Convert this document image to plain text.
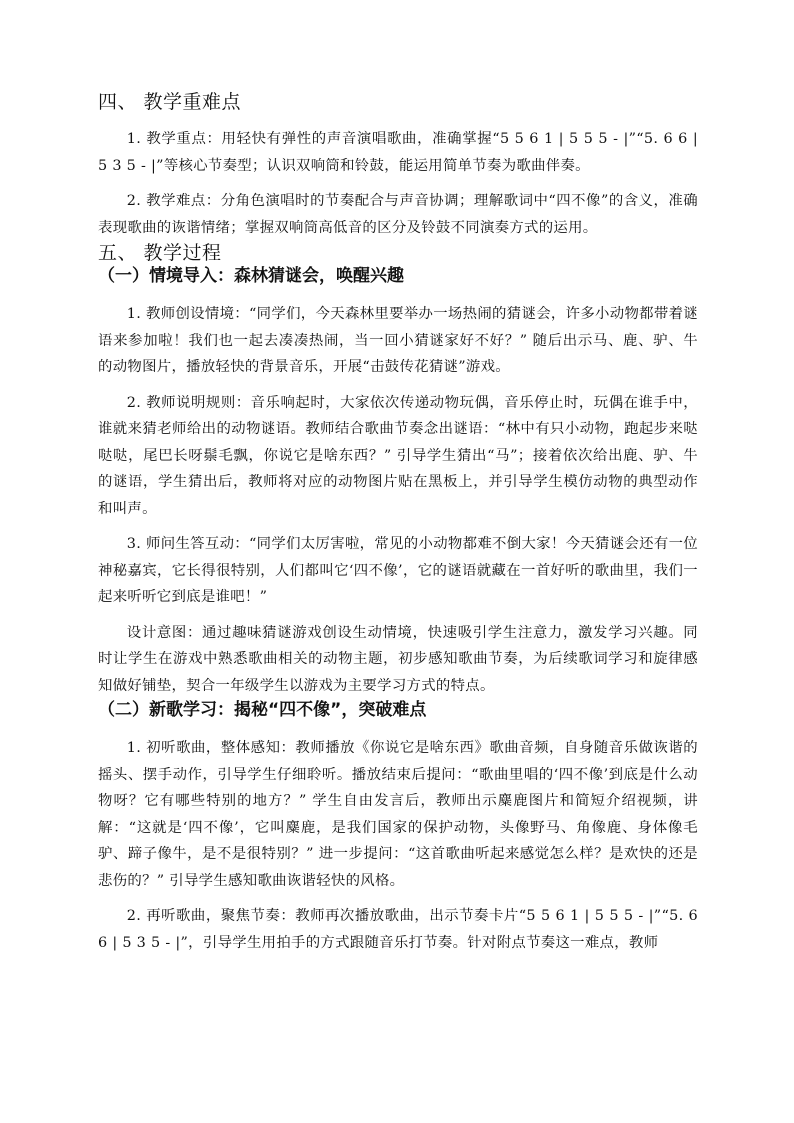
四、 教学重难点

1. 教学重点：用轻快有弹性的声音演唱歌曲，准确掌握“5 5 6 1 | 5 5 5 - |”“5. 6 6 | 5 3 5 - |”等核心节奏型；认识双响筒和铃鼓，能运用简单节奏为歌曲伴奏。

2. 教学难点：分角色演唱时的节奏配合与声音协调；理解歌词中“四不像”的含义，准确表现歌曲的诙谐情绪；掌握双响筒高低音的区分及铃鼓不同演奏方式的运用。

五、 教学过程
（一）情境导入：森林猜谜会，唤醒兴趣

1. 教师创设情境：“同学们，今天森林里要举办一场热闹的猜谜会，许多小动物都带着谜语来参加啦！我们也一起去凑凑热闹，当一回小猜谜家好不好？” 随后出示马、鹿、驴、牛的动物图片，播放轻快的背景音乐，开展“击鼓传花猜谜”游戏。

2. 教师说明规则：音乐响起时，大家依次传递动物玩偶，音乐停止时，玩偶在谁手中，谁就来猜老师给出的动物谜语。教师结合歌曲节奏念出谜语：“林中有只小动物，跑起步来哒哒哒，尾巴长呀鬃毛飘，你说它是啥东西？” 引导学生猜出“马”；接着依次给出鹿、驴、牛的谜语，学生猜出后，教师将对应的动物图片贴在黑板上，并引导学生模仿动物的典型动作和叫声。

3. 师问生答互动：“同学们太厉害啦，常见的小动物都难不倒大家！今天猜谜会还有一位神秘嘉宾，它长得很特别，人们都叫它‘四不像’，它的谜语就藏在一首好听的歌曲里，我们一起来听听它到底是谁吧！”

设计意图：通过趣味猜谜游戏创设生动情境，快速吸引学生注意力，激发学习兴趣。同时让学生在游戏中熟悉歌曲相关的动物主题，初步感知歌曲节奏，为后续歌词学习和旋律感知做好铺垫，契合一年级学生以游戏为主要学习方式的特点。

（二）新歌学习：揭秘“四不像”，突破难点

1. 初听歌曲，整体感知：教师播放《你说它是啥东西》歌曲音频，自身随音乐做诙谐的摇头、摆手动作，引导学生仔细聆听。播放结束后提问：“歌曲里唱的‘四不像’到底是什么动物呀？它有哪些特别的地方？” 学生自由发言后，教师出示麋鹿图片和简短介绍视频，讲解：“这就是‘四不像’，它叫麋鹿，是我们国家的保护动物，头像野马、角像鹿、身体像毛驴、蹄子像牛，是不是很特别？” 进一步提问：“这首歌曲听起来感觉怎么样？是欢快的还是悲伤的？” 引导学生感知歌曲诙谐轻快的风格。

2. 再听歌曲，聚焦节奏：教师再次播放歌曲，出示节奏卡片“5 5 6 1 | 5 5 5 - |”“5. 6 6 | 5 3 5 - |”，引导学生用拍手的方式跟随音乐打节奏。针对附点节奏这一难点，教师
